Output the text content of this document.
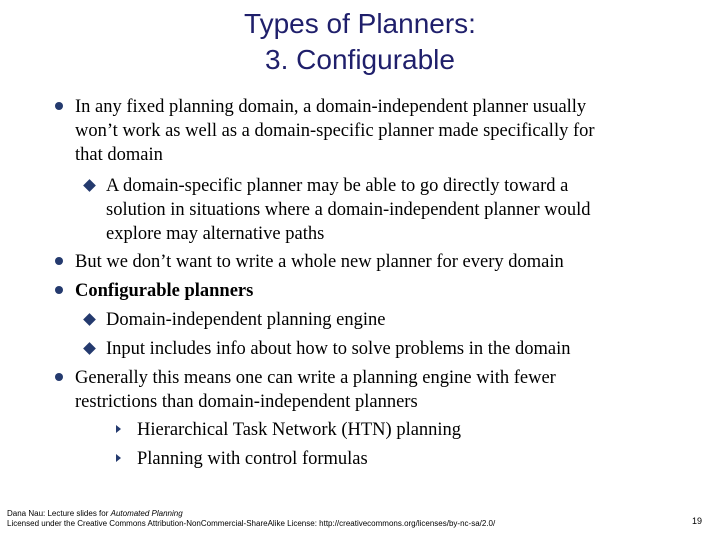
Types of Planners:
3. Configurable
In any fixed planning domain, a domain-independent planner usually
won’t work as well as a domain-specific planner made specifically for
that domain
A domain-specific planner may be able to go directly toward a
solution in situations where a domain-independent planner would
explore may alternative paths
But we don’t want to write a whole new planner for every domain
Configurable planners
Domain-independent planning engine
Input includes info about how to solve problems in the domain
Generally this means one can write a planning engine with fewer
restrictions than domain-independent planners
Hierarchical Task Network (HTN) planning
Planning with control formulas
Dana Nau: Lecture slides for Automated Planning
Licensed under the Creative Commons Attribution-NonCommercial-ShareAlike License: http://creativecommons.org/licenses/by-nc-sa/2.0/	19
